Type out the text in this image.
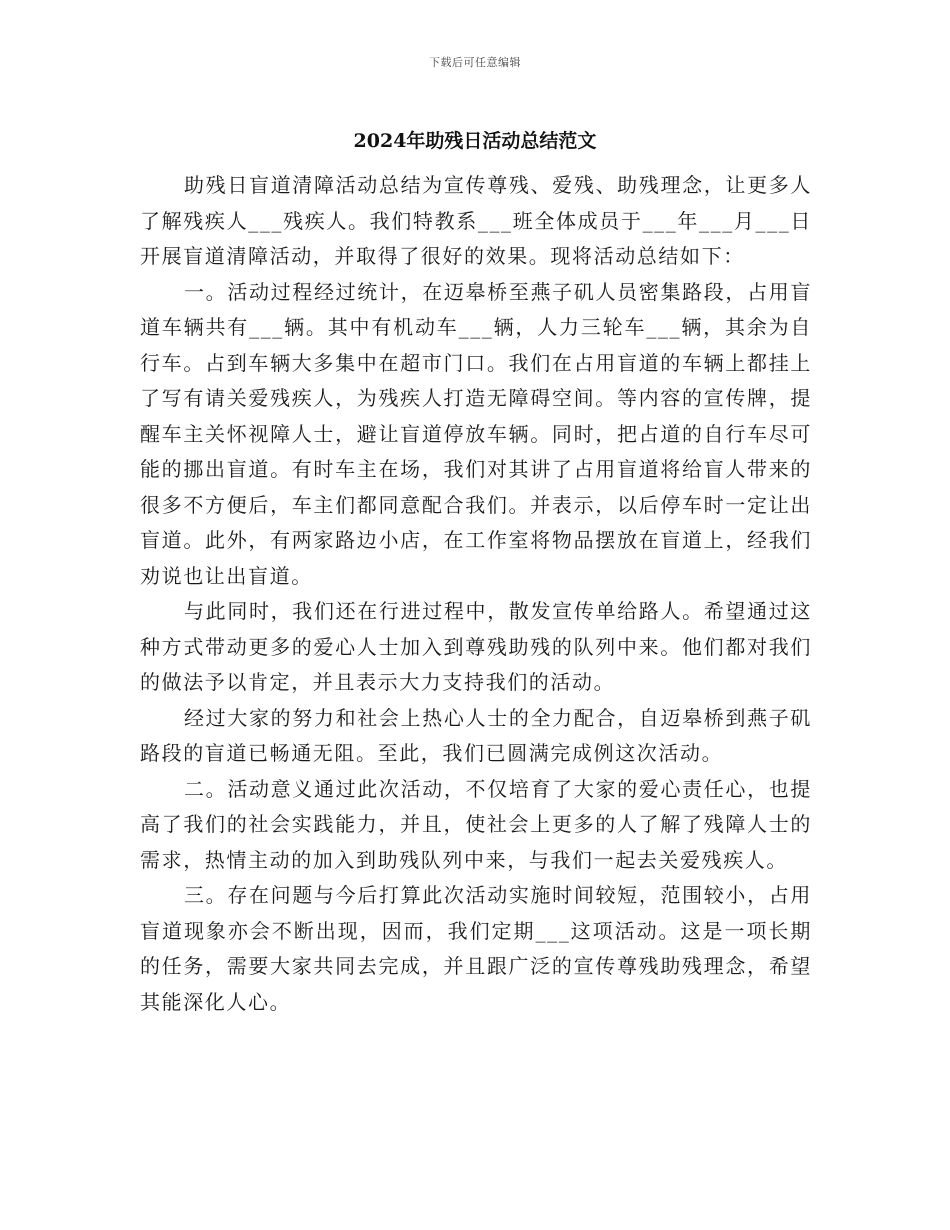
下载后可任意编辑
2024年助残日活动总结范文

助残日盲道清障活动总结为宣传尊残、爱残、助残理念，让更多人了解残疾人___残疾人。我们特教系___班全体成员于___年___月___日开展盲道清障活动，并取得了很好的效果。现将活动总结如下：

一。活动过程经过统计，在迈皋桥至燕子矶人员密集路段，占用盲道车辆共有___辆。其中有机动车___辆，人力三轮车___辆，其余为自行车。占到车辆大多集中在超市门口。我们在占用盲道的车辆上都挂上了写有请关爱残疾人，为残疾人打造无障碍空间。等内容的宣传牌，提醒车主关怀视障人士，避让盲道停放车辆。同时，把占道的自行车尽可能的挪出盲道。有时车主在场，我们对其讲了占用盲道将给盲人带来的很多不方便后，车主们都同意配合我们。并表示，以后停车时一定让出盲道。此外，有两家路边小店，在工作室将物品摆放在盲道上，经我们劝说也让出盲道。

与此同时，我们还在行进过程中，散发宣传单给路人。希望通过这种方式带动更多的爱心人士加入到尊残助残的队列中来。他们都对我们的做法予以肯定，并且表示大力支持我们的活动。

经过大家的努力和社会上热心人士的全力配合，自迈皋桥到燕子矶路段的盲道已畅通无阻。至此，我们已圆满完成例这次活动。

二。活动意义通过此次活动，不仅培育了大家的爱心责任心，也提高了我们的社会实践能力，并且，使社会上更多的人了解了残障人士的需求，热情主动的加入到助残队列中来，与我们一起去关爱残疾人。

三。存在问题与今后打算此次活动实施时间较短，范围较小，占用盲道现象亦会不断出现，因而，我们定期___这项活动。这是一项长期的任务，需要大家共同去完成，并且跟广泛的宣传尊残助残理念，希望其能深化人心。
